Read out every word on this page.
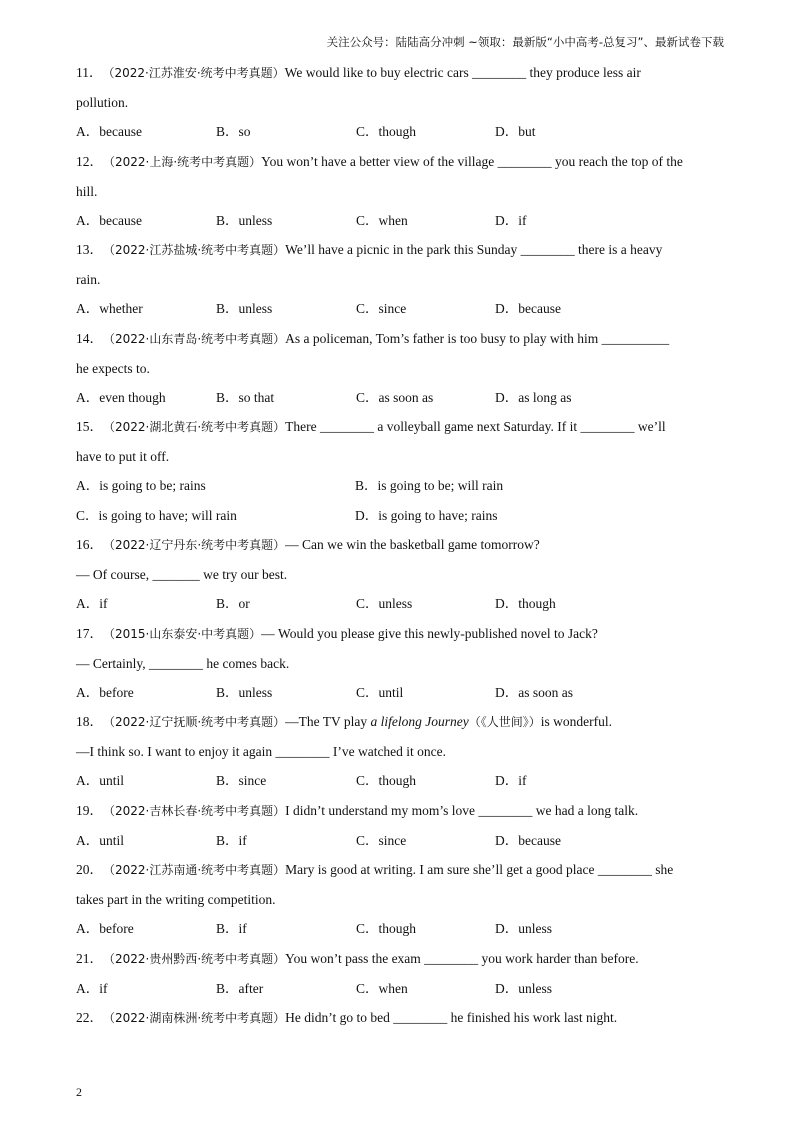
关注公众号：陆陆高分冲刺 ~领取：最新版“小中高考-总复习”、最新试卷下载
11． （2022·江苏淮安·统考中考真题）We would like to buy electric cars ________ they produce less air
pollution.
A．because	B．so	C．though	D．but
12． （2022·上海·统考中考真题）You won’t have a better view of the village ________ you reach the top of the
hill.
A．because	B．unless	C．when	D．if
13． （2022·江苏盐城·统考中考真题）We’ll have a picnic in the park this Sunday ________ there is a heavy
rain.
A．whether	B．unless	C．since	D．because
14． （2022·山东青岛·统考中考真题）As a policeman, Tom’s father is too busy to play with him __________
he expects to.
A．even though	B．so that	C．as soon as	D．as long as
15． （2022·湖北黄石·统考中考真题）There ________ a volleyball game next Saturday. If it ________ we’ll
have to put it off.
A．is going to be; rains	B．is going to be; will rain
C．is going to have; will rain	D．is going to have; rains
16． （2022·辽宁丹东·统考中考真题）— Can we win the basketball game tomorrow?
— Of course, _______ we try our best.
A．if	B．or	C．unless	D．though
17． （2015·山东泰安·中考真题）— Would you please give this newly-published novel to Jack?
— Certainly, ________ he comes back.
A．before	B．unless	C．until	D．as soon as
18． （2022·辽宁抚顺·统考中考真题）—The TV play a lifelong Journey（《人世间》）is wonderful.
—I think so. I want to enjoy it again ________ I’ve watched it once.
A．until	B．since	C．though	D．if
19． （2022·吉林长春·统考中考真题）I didn’t understand my mom’s love ________ we had a long talk.
A．until	B．if	C．since	D．because
20． （2022·江苏南通·统考中考真题）Mary is good at writing. I am sure she’ll get a good place ________ she
takes part in the writing competition.
A．before	B．if	C．though	D．unless
21． （2022·贵州黔西·统考中考真题）You won’t pass the exam ________ you work harder than before.
A．if	B．after	C．when	D．unless
22． （2022·湖南株洲·统考中考真题）He didn’t go to bed ________ he finished his work last night.
2
